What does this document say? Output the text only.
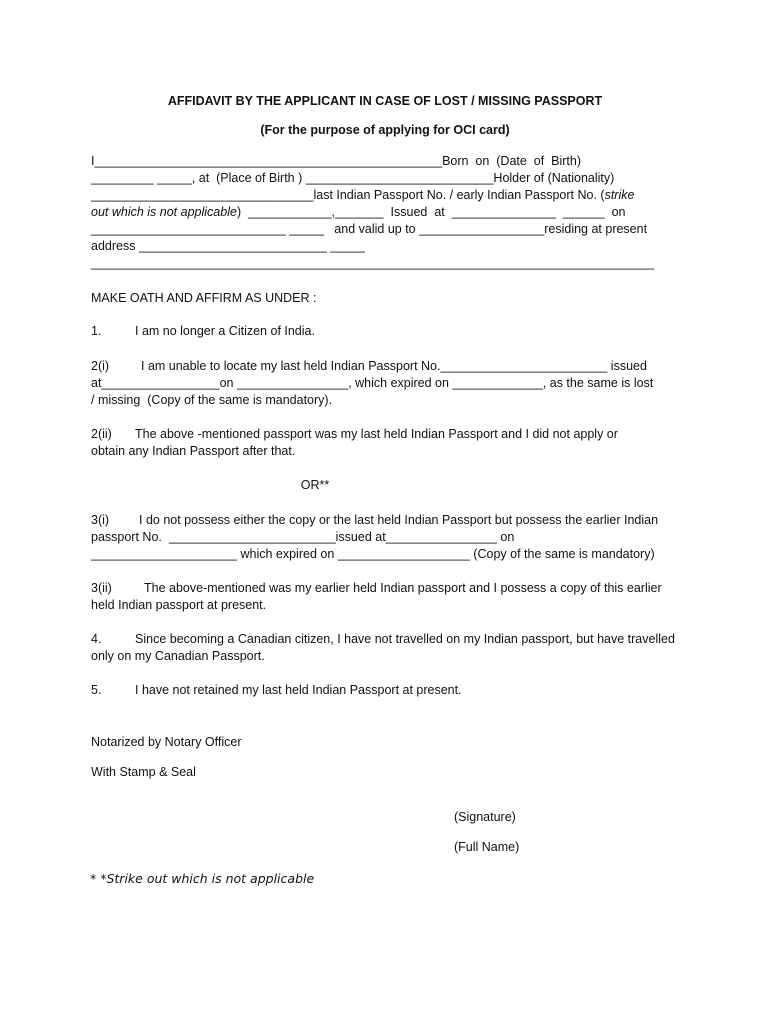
AFFIDAVIT BY THE APPLICANT IN CASE OF LOST / MISSING PASSPORT
(For the purpose of applying for OCI card)
I__________________________________________________Born  on  (Date  of  Birth)
_________ _____, at  (Place of Birth ) ___________________________Holder of (Nationality)
________________________________last Indian Passport No. / early Indian Passport No. (strike
out which is not applicable)  ____________,_______  Issued  at  _______________  ______  on
____________________________ _____   and valid up to __________________residing at present
address ___________________________ _____
_________________________________________________________________________________
MAKE OATH AND AFFIRM AS UNDER :
1.	I am no longer a Citizen of India.
2(i)	I am unable to locate my last held Indian Passport No.________________________ issued
at_________________on ________________, which expired on _____________, as the same is lost
/ missing  (Copy of the same is mandatory).
2(ii) The above -mentioned passport was my last held Indian Passport and I did not apply or
obtain any Indian Passport after that.
OR**
3(i) I do not possess either the copy or the last held Indian Passport but possess the earlier Indian
passport No.  ________________________issued at________________ on
_____________________ which expired on ___________________ (Copy of the same is mandatory)
3(ii)	The above-mentioned was my earlier held Indian passport and I possess a copy of this earlier
held Indian passport at present.
4.	Since becoming a Canadian citizen, I have not travelled on my Indian passport, but have travelled
only on my Canadian Passport.
5.	I have not retained my last held Indian Passport at present.
Notarized by Notary Officer
With Stamp & Seal
(Signature)
(Full Name)
* *Strike out which is not applicable
